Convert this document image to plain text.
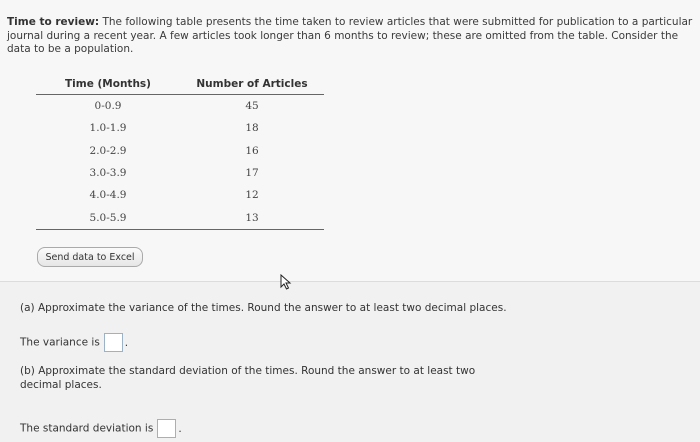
Time to review: The following table presents the time taken to review articles that were submitted for publication to a particular journal during a recent year. A few articles took longer than 6 months to review; these are omitted from the table. Consider the data to be a population.
Time (Months)	Number of Articles
0-0.9	45
1.0-1.9	18
2.0-2.9	16
3.0-3.9	17
4.0-4.9	12
5.0-5.9	13
Send data to Excel
(a) Approximate the variance of the times. Round the answer to at least two decimal places.
The variance is .
(b) Approximate the standard deviation of the times. Round the answer to at least two decimal places.
The standard deviation is .
